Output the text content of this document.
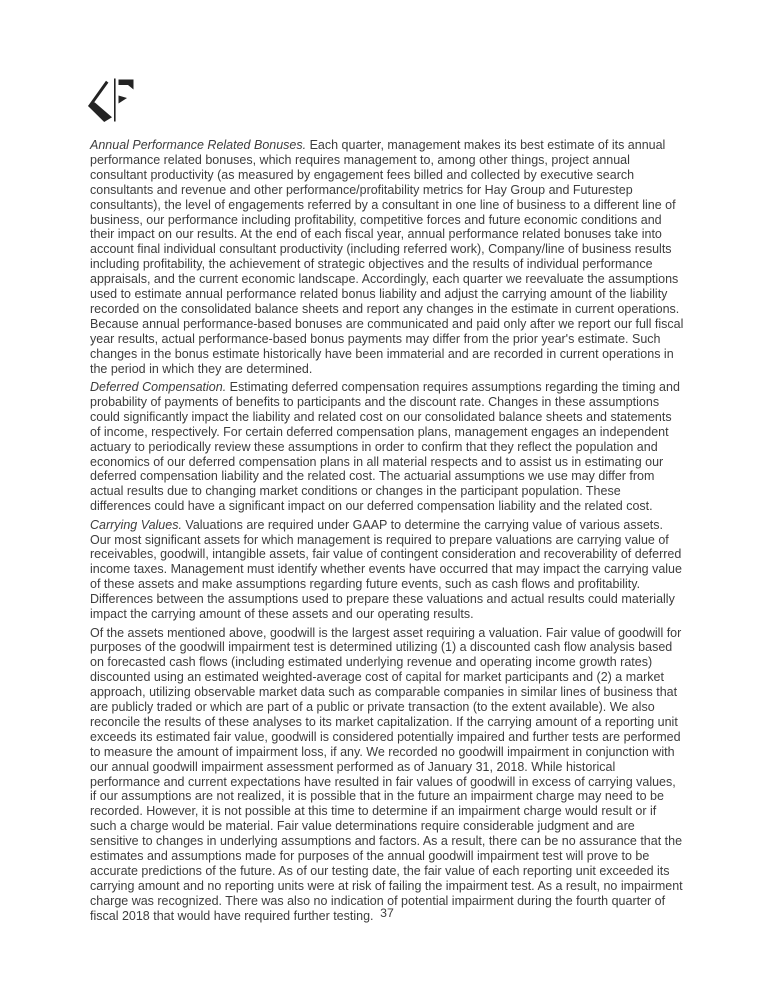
Annual Performance Related Bonuses. Each quarter, management makes its best estimate of its annual performance related bonuses, which requires management to, among other things, project annual consultant productivity (as measured by engagement fees billed and collected by executive search consultants and revenue and other performance/profitability metrics for Hay Group and Futurestep consultants), the level of engagements referred by a consultant in one line of business to a different line of business, our performance including profitability, competitive forces and future economic conditions and their impact on our results. At the end of each fiscal year, annual performance related bonuses take into account final individual consultant productivity (including referred work), Company/line of business results including profitability, the achievement of strategic objectives and the results of individual performance appraisals, and the current economic landscape. Accordingly, each quarter we reevaluate the assumptions used to estimate annual performance related bonus liability and adjust the carrying amount of the liability recorded on the consolidated balance sheets and report any changes in the estimate in current operations. Because annual performance-based bonuses are communicated and paid only after we report our full fiscal year results, actual performance-based bonus payments may differ from the prior year's estimate. Such changes in the bonus estimate historically have been immaterial and are recorded in current operations in the period in which they are determined.

Deferred Compensation. Estimating deferred compensation requires assumptions regarding the timing and probability of payments of benefits to participants and the discount rate. Changes in these assumptions could significantly impact the liability and related cost on our consolidated balance sheets and statements of income, respectively. For certain deferred compensation plans, management engages an independent actuary to periodically review these assumptions in order to confirm that they reflect the population and economics of our deferred compensation plans in all material respects and to assist us in estimating our deferred compensation liability and the related cost. The actuarial assumptions we use may differ from actual results due to changing market conditions or changes in the participant population. These differences could have a significant impact on our deferred compensation liability and the related cost.

Carrying Values. Valuations are required under GAAP to determine the carrying value of various assets. Our most significant assets for which management is required to prepare valuations are carrying value of receivables, goodwill, intangible assets, fair value of contingent consideration and recoverability of deferred income taxes. Management must identify whether events have occurred that may impact the carrying value of these assets and make assumptions regarding future events, such as cash flows and profitability. Differences between the assumptions used to prepare these valuations and actual results could materially impact the carrying amount of these assets and our operating results.

Of the assets mentioned above, goodwill is the largest asset requiring a valuation. Fair value of goodwill for purposes of the goodwill impairment test is determined utilizing (1) a discounted cash flow analysis based on forecasted cash flows (including estimated underlying revenue and operating income growth rates) discounted using an estimated weighted-average cost of capital for market participants and (2) a market approach, utilizing observable market data such as comparable companies in similar lines of business that are publicly traded or which are part of a public or private transaction (to the extent available). We also reconcile the results of these analyses to its market capitalization. If the carrying amount of a reporting unit exceeds its estimated fair value, goodwill is considered potentially impaired and further tests are performed to measure the amount of impairment loss, if any. We recorded no goodwill impairment in conjunction with our annual goodwill impairment assessment performed as of January 31, 2018. While historical performance and current expectations have resulted in fair values of goodwill in excess of carrying values, if our assumptions are not realized, it is possible that in the future an impairment charge may need to be recorded. However, it is not possible at this time to determine if an impairment charge would result or if such a charge would be material. Fair value determinations require considerable judgment and are sensitive to changes in underlying assumptions and factors. As a result, there can be no assurance that the estimates and assumptions made for purposes of the annual goodwill impairment test will prove to be accurate predictions of the future. As of our testing date, the fair value of each reporting unit exceeded its carrying amount and no reporting units were at risk of failing the impairment test. As a result, no impairment charge was recognized. There was also no indication of potential impairment during the fourth quarter of fiscal 2018 that would have required further testing. 37
